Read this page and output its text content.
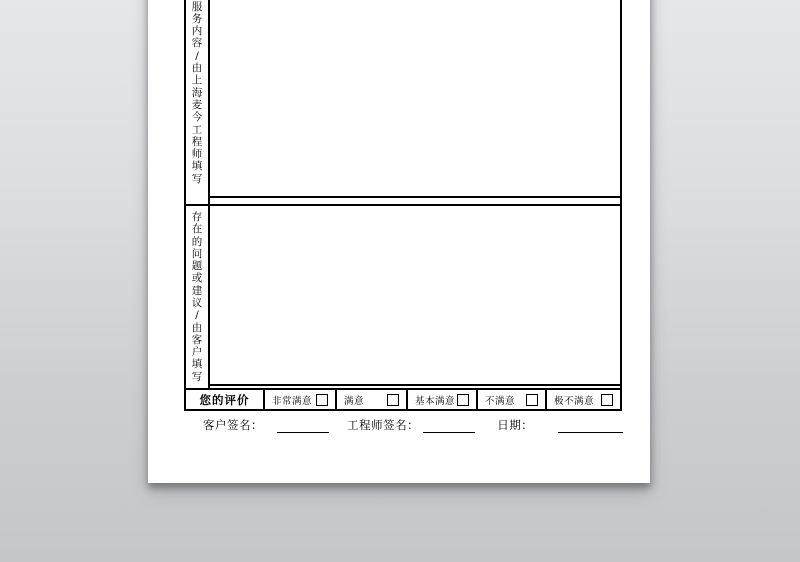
服
务
内
容
/
由
上
海
麦
今
工
程
师
填
写
存
在
的
问
题
或
建
议
/
由
客
户
填
写
您的评价	非常满意	满意	基本满意	不满意	极不满意
客户签名：	工程师签名：	日期：
